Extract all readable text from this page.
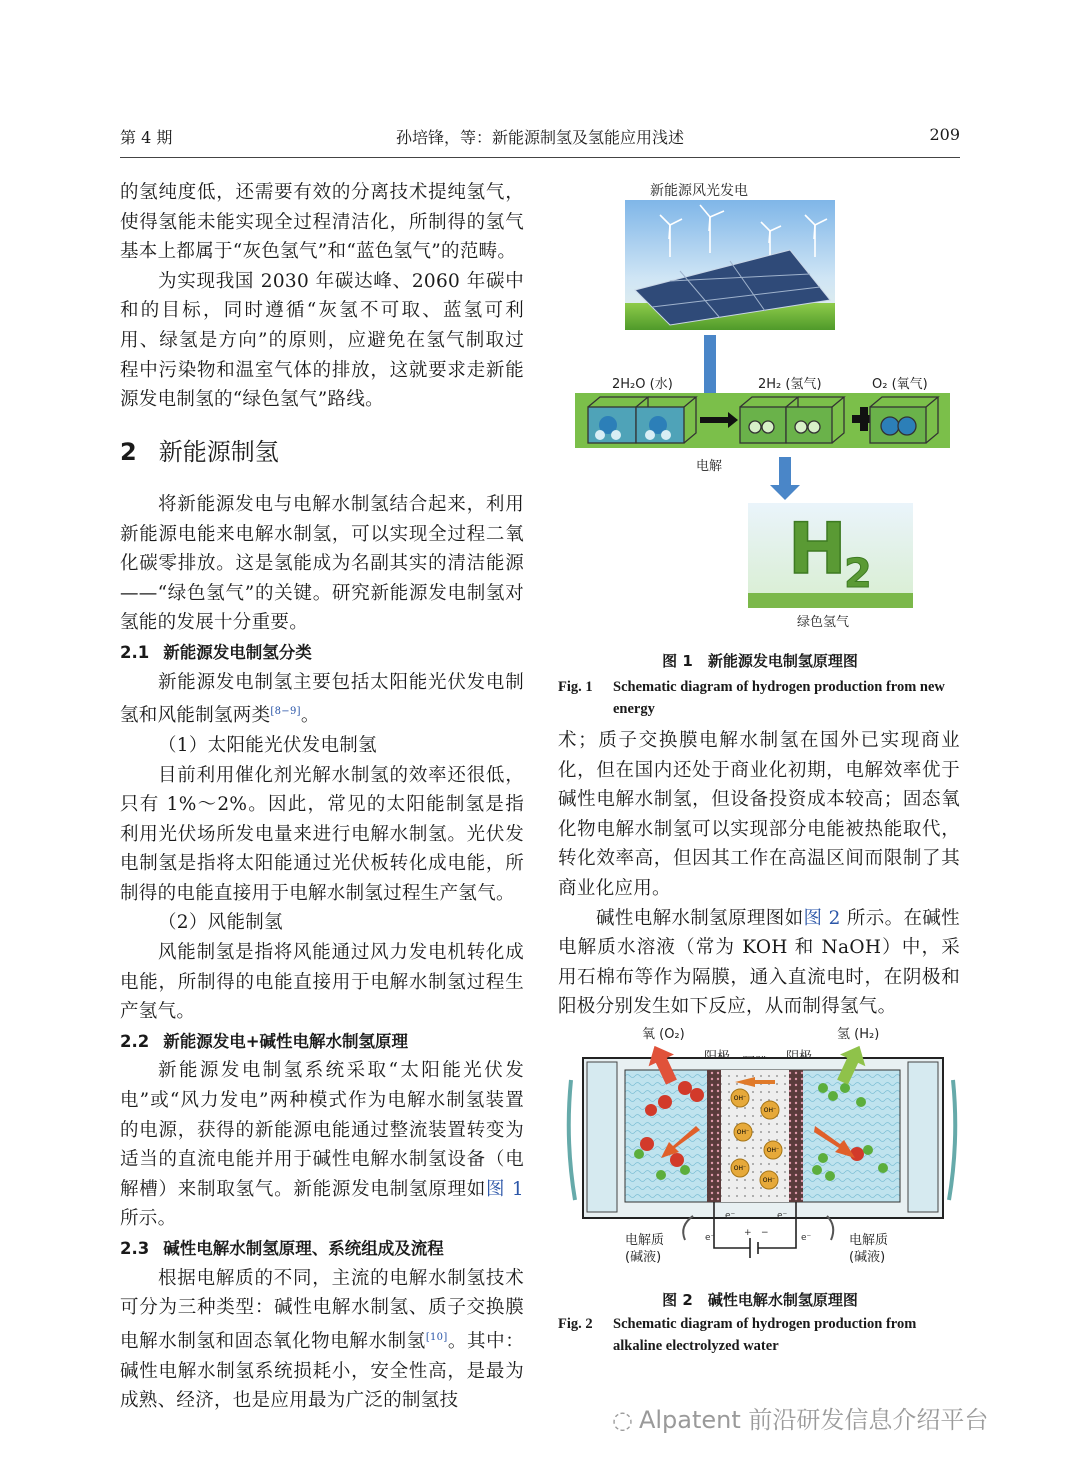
第 4 期	孙培锋，等：新能源制氢及氢能应用浅述	209

的氢纯度低，还需要有效的分离技术提纯氢气，使得氢能未能实现全过程清洁化，所制得的氢气基本上都属于“灰色氢气”和“蓝色氢气”的范畴。

为实现我国 2030 年碳达峰、2060 年碳中和的目标，同时遵循“灰氢不可取、蓝氢可利用、绿氢是方向”的原则，应避免在氢气制取过程中污染物和温室气体的排放，这就要求走新能源发电制氢的“绿色氢气”路线。

2 新能源制氢

将新能源发电与电解水制氢结合起来，利用新能源电能来电解水制氢，可以实现全过程二氧化碳零排放。这是氢能成为名副其实的清洁能源——“绿色氢气”的关键。研究新能源发电制氢对氢能的发展十分重要。

2.1 新能源发电制氢分类

新能源发电制氢主要包括太阳能光伏发电制氢和风能制氢两类[8−9]。

（1）太阳能光伏发电制氢

目前利用催化剂光解水制氢的效率还很低，只有 1%～2%。因此，常见的太阳能制氢是指利用光伏场所发电量来进行电解水制氢。光伏发电制氢是指将太阳能通过光伏板转化成电能，所制得的电能直接用于电解水制氢过程生产氢气。

（2）风能制氢

风能制氢是指将风能通过风力发电机转化成电能，所制得的电能直接用于电解水制氢过程生产氢气。

2.2 新能源发电+碱性电解水制氢原理

新能源发电制氢系统采取“太阳能光伏发电”或“风力发电”两种模式作为电解水制氢装置的电源，获得的新能源电能通过整流装置转变为适当的直流电能并用于碱性电解水制氢设备（电解槽）来制取氢气。新能源发电制氢原理如图 1 所示。

2.3 碱性电解水制氢原理、系统组成及流程

根据电解质的不同，主流的电解水制氢技术可分为三种类型：碱性电解水制氢、质子交换膜电解水制氢和固态氧化物电解水制氢[10]。其中：碱性电解水制氢系统损耗小，安全性高，是最为成熟、经济，也是应用最为广泛的制氢技

新能源风光发电
H
2
2H₂O (水)	2H₂ (氢气)	O₂ (氧气)
电解
绿色氢气
图 1　新能源发电制氢原理图
Fig. 1	Schematic diagram of hydrogen production from new energy

术；质子交换膜电解水制氢在国外已实现商业化，但在国内还处于商业化初期，电解效率优于碱性电解水制氢，但设备投资成本较高；固态氧化物电解水制氢可以实现部分电能被热能取代，转化效率高，但因其工作在高温区间而限制了其商业化应用。

碱性电解水制氢原理图如图 2 所示。在碱性电解质水溶液（常为 KOH 和 NaOH）中，采用石棉布等作为隔膜，通入直流电时，在阴极和阳极分别发生如下反应，从而制得氢气。

氧 (O₂)	氢 (H₂)
OH⁻
OH⁻
OH⁻
OH⁻
OH⁻
OH⁻
e⁻	e⁻
e⁻	e⁻
+ −
电解质
(碱液)
电解质
(碱液)
图 2　碱性电解水制氢原理图
Fig. 2	Schematic diagram of hydrogen production from alkaline electrolyzed water
◌ Alpatent 前沿研发信息介绍平台
